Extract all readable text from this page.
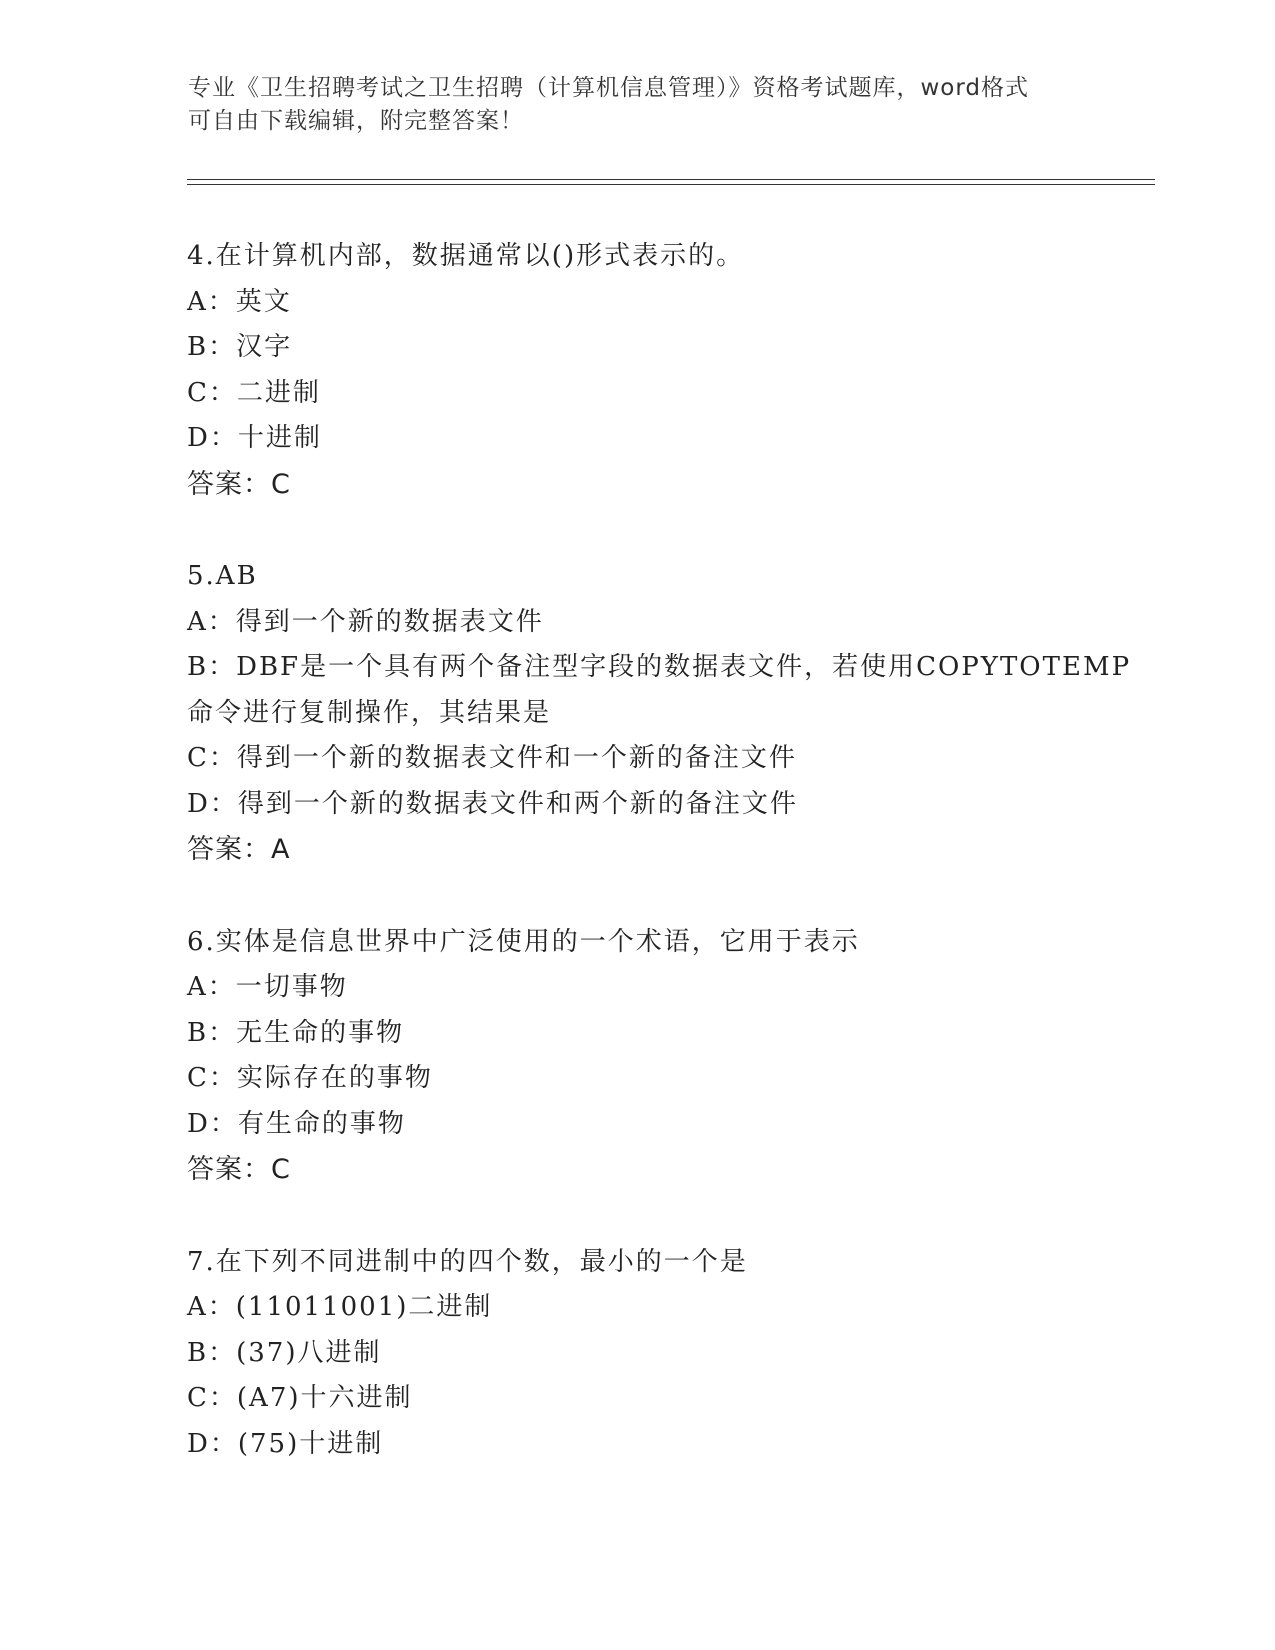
专业《卫生招聘考试之卫生招聘（计算机信息管理）》资格考试题库，word格式
可自由下载编辑，附完整答案！
4.在计算机内部，数据通常以()形式表示的。
A：英文
B：汉字
C：二进制
D：十进制
答案：C
5.AB
A：得到一个新的数据表文件
B：DBF是一个具有两个备注型字段的数据表文件，若使用COPYTOTEMP
命令进行复制操作，其结果是
C：得到一个新的数据表文件和一个新的备注文件
D：得到一个新的数据表文件和两个新的备注文件
答案：A
6.实体是信息世界中广泛使用的一个术语，它用于表示
A：一切事物
B：无生命的事物
C：实际存在的事物
D：有生命的事物
答案：C
7.在下列不同进制中的四个数，最小的一个是
A：(11011001)二进制
B：(37)八进制
C：(A7)十六进制
D：(75)十进制
